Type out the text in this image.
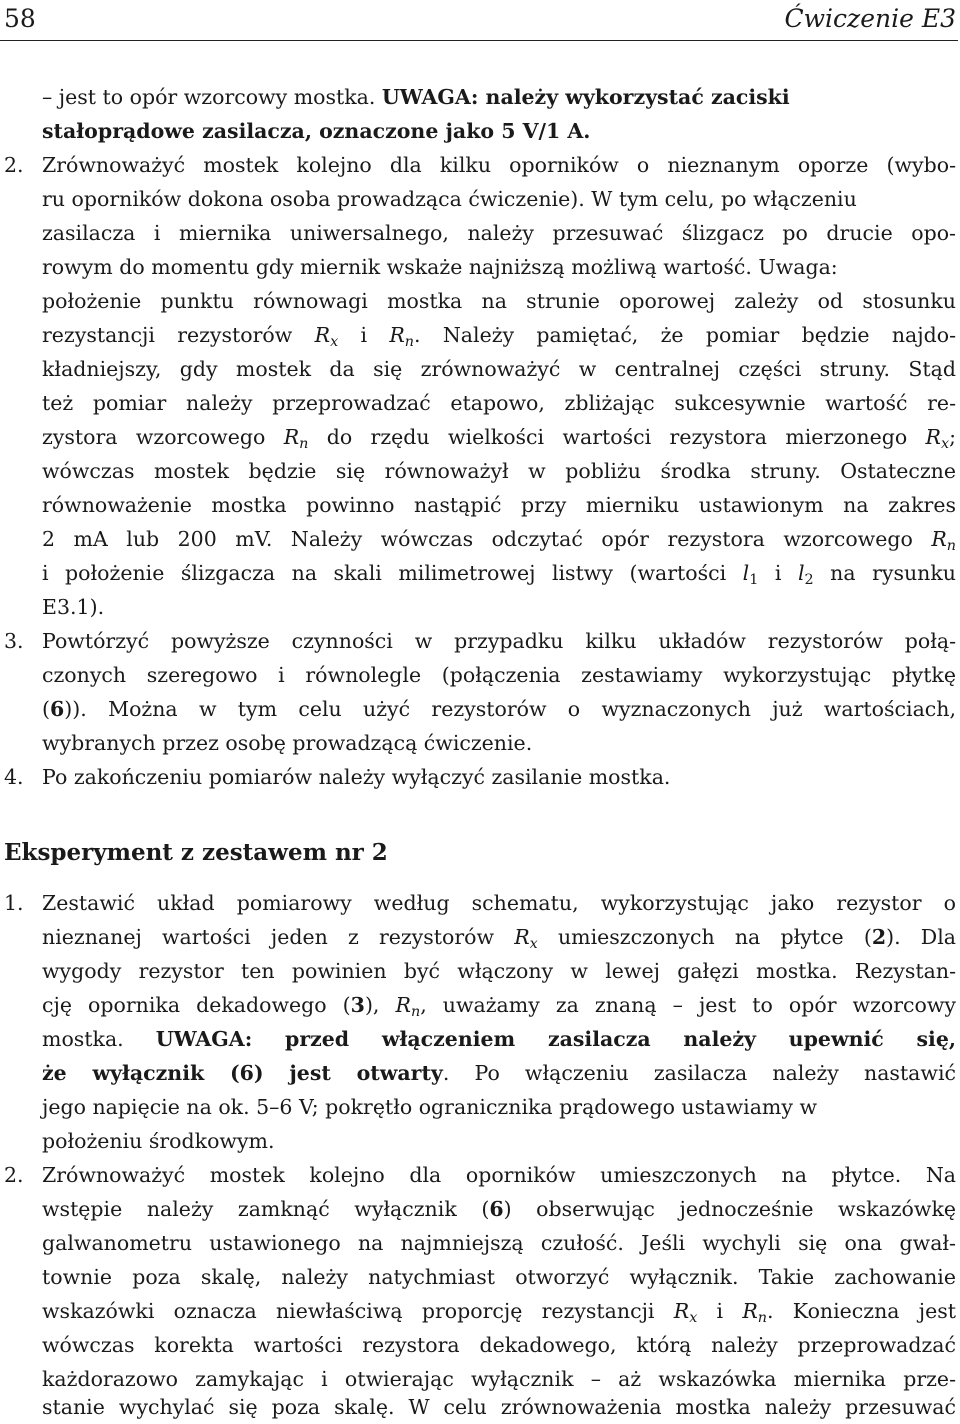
58	Ćwiczenie E3
– jest to opór wzorcowy mostka. UWAGA: należy wykorzystać zaciski
stałoprądowe zasilacza, oznaczone jako 5 V/1 A.
2. Zrównoważyć mostek kolejno dla kilku oporników o nieznanym oporze (wybo-
ru oporników dokona osoba prowadząca ćwiczenie). W tym celu, po włączeniu
zasilacza i miernika uniwersalnego, należy przesuwać ślizgacz po drucie opo-
rowym do momentu gdy miernik wskaże najniższą możliwą wartość. Uwaga:
położenie punktu równowagi mostka na strunie oporowej zależy od stosunku
rezystancji rezystorów $R_x$ i $R_n$. Należy pamiętać, że pomiar będzie najdo-
kładniejszy, gdy mostek da się zrównoważyć w centralnej części struny. Stąd
też pomiar należy przeprowadzać etapowo, zbliżając sukcesywnie wartość re-
zystora wzorcowego $R_n$ do rzędu wielkości wartości rezystora mierzonego $R_x$;
wówczas mostek będzie się równoważył w pobliżu środka struny. Ostateczne
równoważenie mostka powinno nastąpić przy mierniku ustawionym na zakres
2 mA lub 200 mV. Należy wówczas odczytać opór rezystora wzorcowego $R_n$
i położenie ślizgacza na skali milimetrowej listwy (wartości $l_1$ i $l_2$ na rysunku
E3.1).
3. Powtórzyć powyższe czynności w przypadku kilku układów rezystorów połą-
czonych szeregowo i równolegle (połączenia zestawiamy wykorzystując płytkę
(6)). Można w tym celu użyć rezystorów o wyznaczonych już wartościach,
wybranych przez osobę prowadzącą ćwiczenie.
4. Po zakończeniu pomiarów należy wyłączyć zasilanie mostka.
Eksperyment z zestawem nr 2
1. Zestawić układ pomiarowy według schematu, wykorzystując jako rezystor o
nieznanej wartości jeden z rezystorów $R_x$ umieszczonych na płytce (2). Dla
wygody rezystor ten powinien być włączony w lewej gałęzi mostka. Rezystan-
cję opornika dekadowego (3), $R_n$, uważamy za znaną – jest to opór wzorcowy
mostka. UWAGA: przed włączeniem zasilacza należy upewnić się,
że wyłącznik (6) jest otwarty. Po włączeniu zasilacza należy nastawić
jego napięcie na ok. 5–6 V; pokrętło ogranicznika prądowego ustawiamy w
położeniu środkowym.
2. Zrównoważyć mostek kolejno dla oporników umieszczonych na płytce. Na
wstępie należy zamknąć wyłącznik (6) obserwując jednocześnie wskazówkę
galwanometru ustawionego na najmniejszą czułość. Jeśli wychyli się ona gwał-
townie poza skalę, należy natychmiast otworzyć wyłącznik. Takie zachowanie
wskazówki oznacza niewłaściwą proporcję rezystancji $R_x$ i $R_n$. Konieczna jest
wówczas korekta wartości rezystora dekadowego, którą należy przeprowadzać
każdorazowo zamykając i otwierając wyłącznik – aż wskazówka miernika prze-
stanie wychylać się poza skalę. W celu zrównoważenia mostka należy przesuwać
